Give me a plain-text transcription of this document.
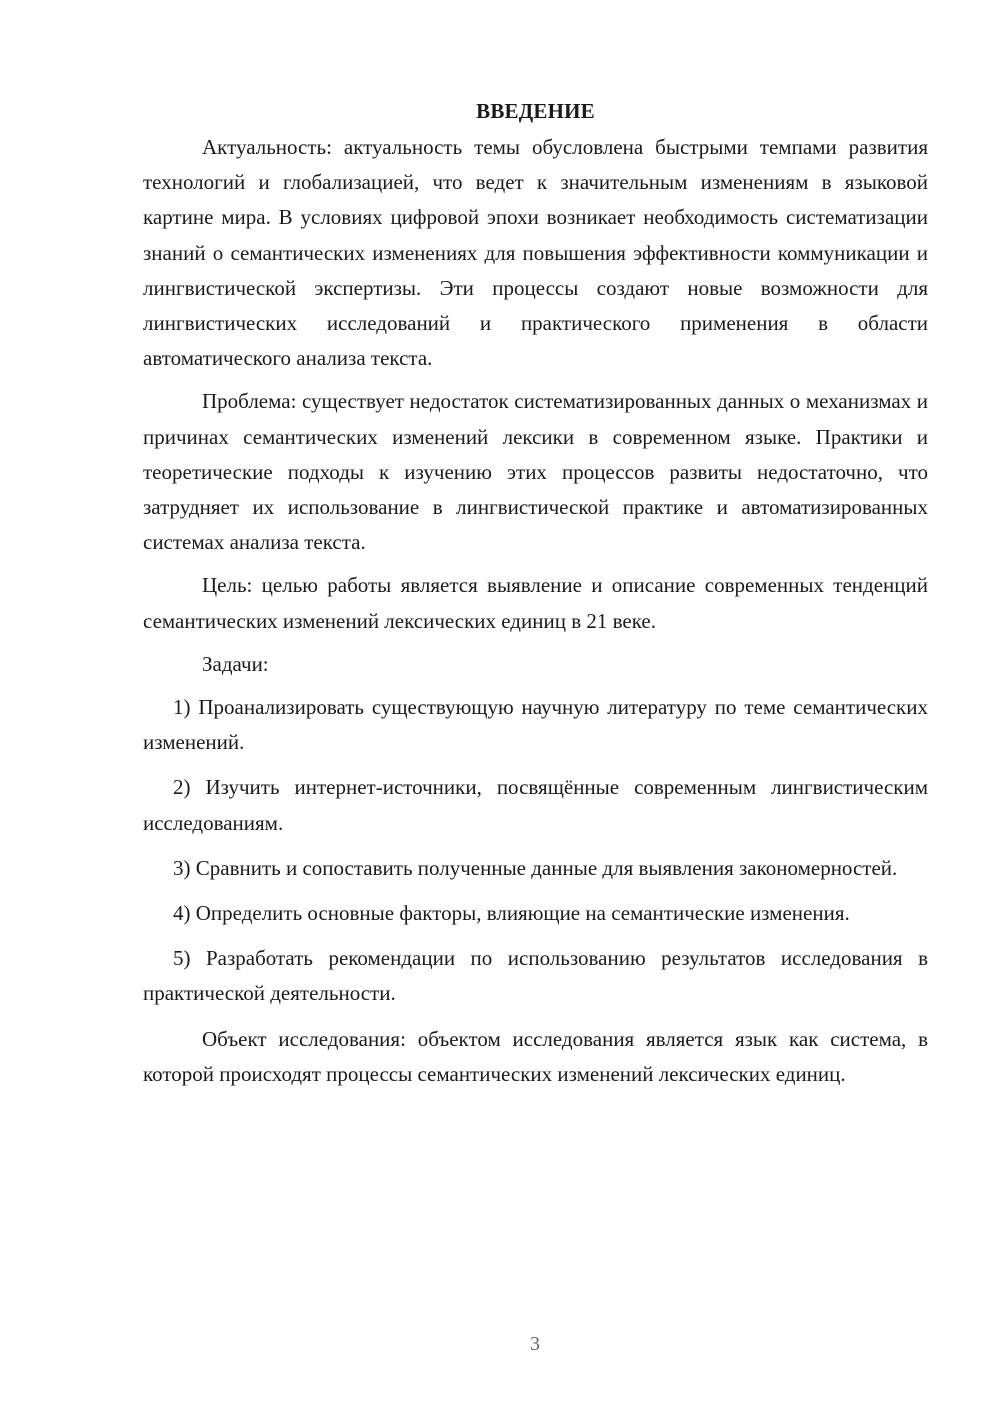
ВВЕДЕНИЕ

Актуальность: актуальность темы обусловлена быстрыми темпами развития технологий и глобализацией, что ведет к значительным изменениям в языковой картине мира. В условиях цифровой эпохи возникает необходимость систематизации знаний о семантических изменениях для повышения эффективности коммуникации и лингвистической экспертизы. Эти процессы создают новые возможности для лингвистических исследований и практического применения в области автоматического анализа текста.

Проблема: существует недостаток систематизированных данных о механизмах и причинах семантических изменений лексики в современном языке. Практики и теоретические подходы к изучению этих процессов развиты недостаточно, что затрудняет их использование в лингвистической практике и автоматизированных системах анализа текста.

Цель: целью работы является выявление и описание современных тенденций семантических изменений лексических единиц в 21 веке.

Задачи:

1) Проанализировать существующую научную литературу по теме семантических изменений.

2) Изучить интернет-источники, посвящённые современным лингвистическим исследованиям.

3) Сравнить и сопоставить полученные данные для выявления закономерностей.

4) Определить основные факторы, влияющие на семантические изменения.

5) Разработать рекомендации по использованию результатов исследования в практической деятельности.

Объект исследования: объектом исследования является язык как система, в которой происходят процессы семантических изменений лексических единиц.

3
